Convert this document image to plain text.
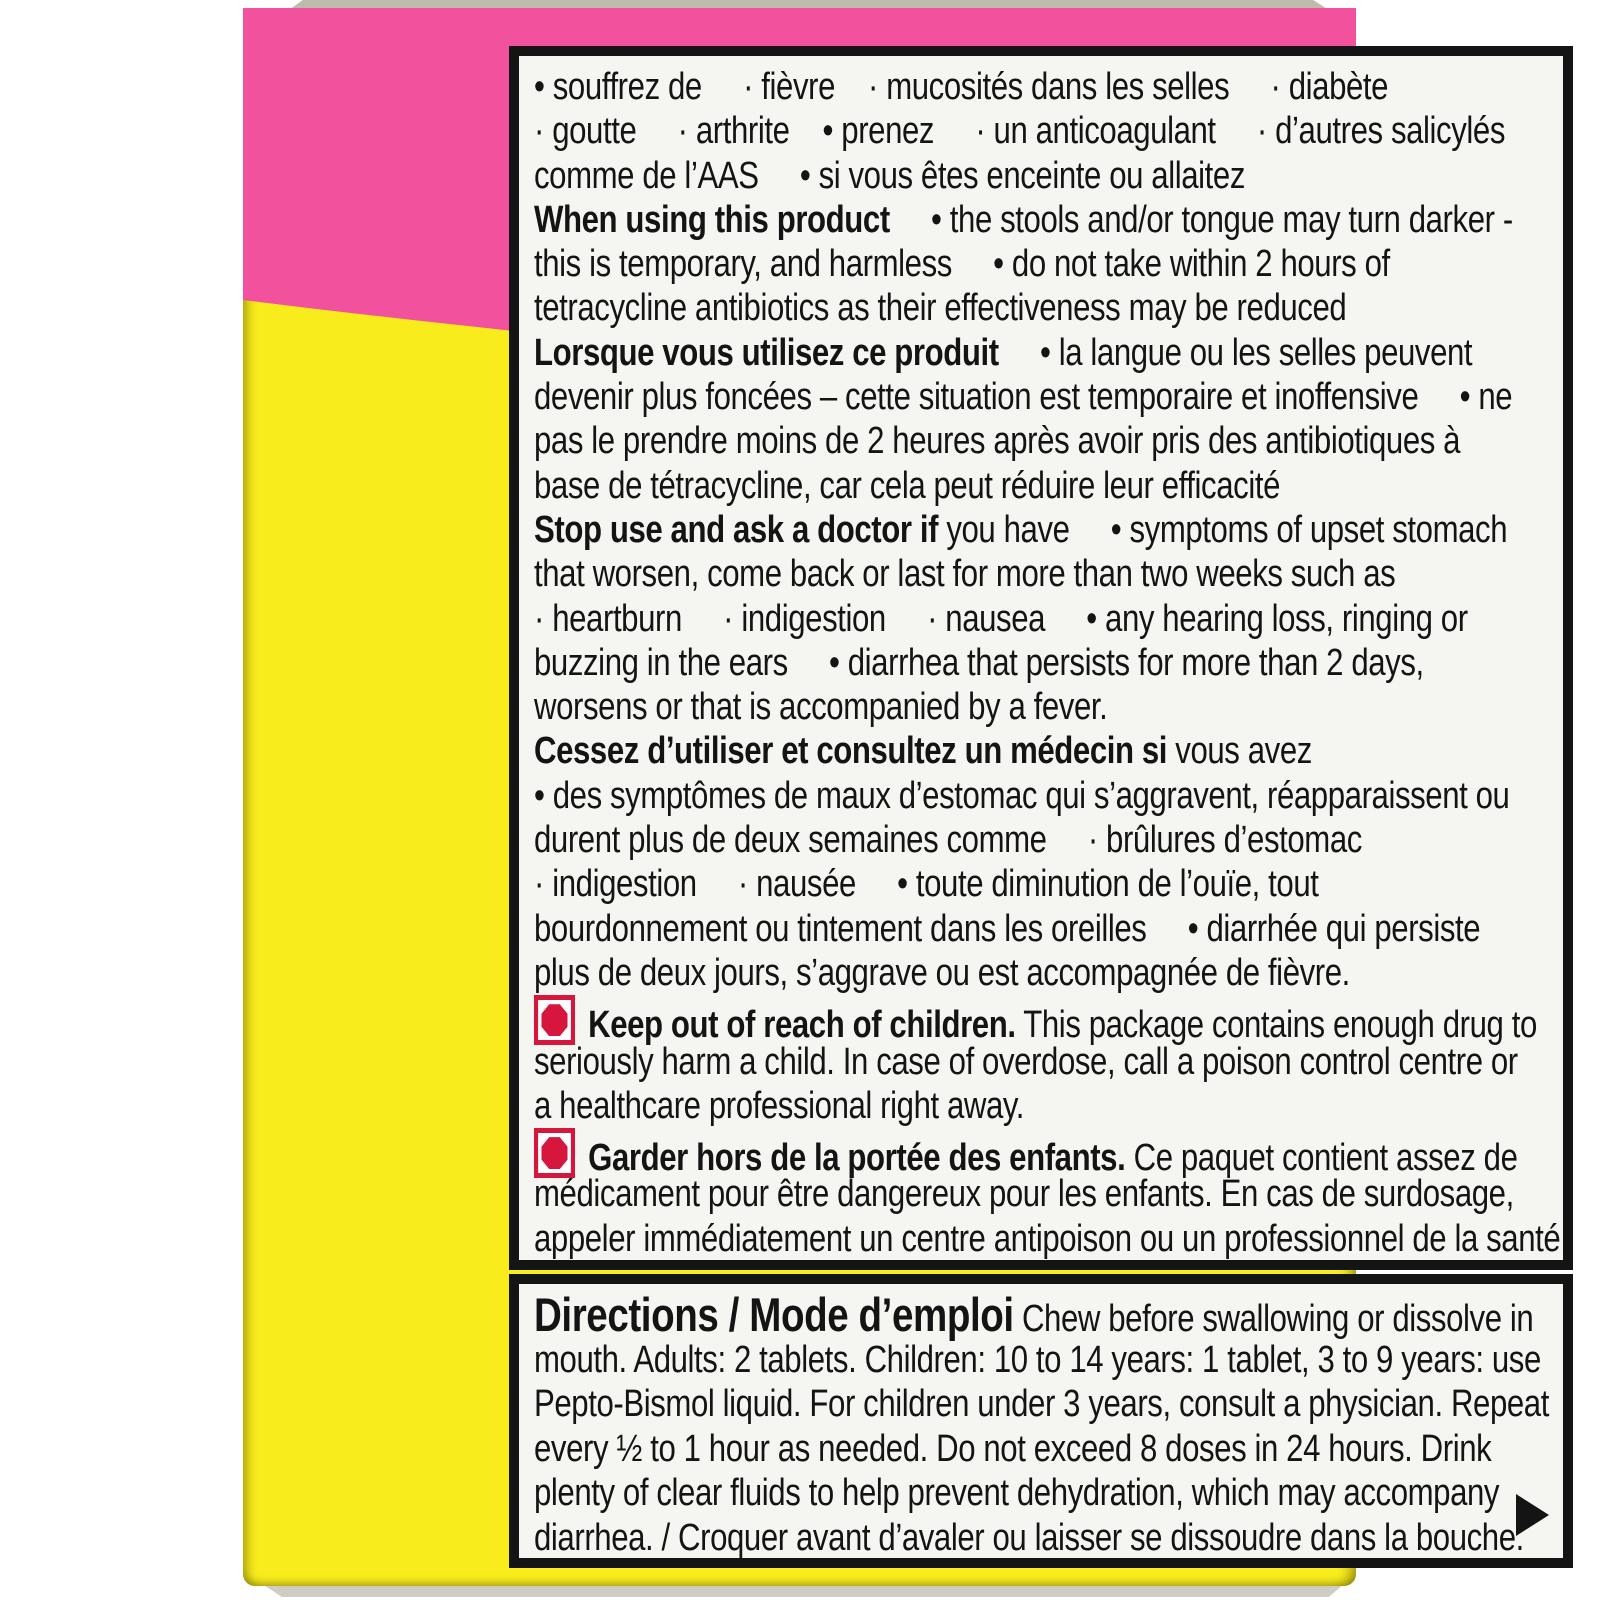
• souffrez de     · fièvre    · mucosités dans les selles     · diabète
· goutte     · arthrite    • prenez     · un anticoagulant     · d’autres salicylés
comme de l’AAS     • si vous êtes enceinte ou allaitez
When using this product     • the stools and/or tongue may turn darker -
this is temporary, and harmless     • do not take within 2 hours of
tetracycline antibiotics as their effectiveness may be reduced
Lorsque vous utilisez ce produit     • la langue ou les selles peuvent
devenir plus foncées – cette situation est temporaire et inoffensive     • ne
pas le prendre moins de 2 heures après avoir pris des antibiotiques à
base de tétracycline, car cela peut réduire leur efficacité
Stop use and ask a doctor if you have     • symptoms of upset stomach
that worsen, come back or last for more than two weeks such as
· heartburn     · indigestion     · nausea     • any hearing loss, ringing or
buzzing in the ears     • diarrhea that persists for more than 2 days,
worsens or that is accompanied by a fever.
Cessez d’utiliser et consultez un médecin si vous avez
• des symptômes de maux d’estomac qui s’aggravent, réapparaissent ou
durent plus de deux semaines comme     · brûlures d’estomac
· indigestion     · nausée     • toute diminution de l’ouïe, tout
bourdonnement ou tintement dans les oreilles     • diarrhée qui persiste
plus de deux jours, s’aggrave ou est accompagnée de fièvre.
Keep out of reach of children. This package contains enough drug to
seriously harm a child. In case of overdose, call a poison control centre or
a healthcare professional right away.
Garder hors de la portée des enfants. Ce paquet contient assez de
médicament pour être dangereux pour les enfants. En cas de surdosage,
appeler immédiatement un centre antipoison ou un professionnel de la santé.
Directions / Mode d’emploi Chew before swallowing or dissolve in
mouth. Adults: 2 tablets. Children: 10 to 14 years: 1 tablet, 3 to 9 years: use
Pepto-Bismol liquid. For children under 3 years, consult a physician. Repeat
every ½ to 1 hour as needed. Do not exceed 8 doses in 24 hours. Drink
plenty of clear fluids to help prevent dehydration, which may accompany
diarrhea. / Croquer avant d’avaler ou laisser se dissoudre dans la bouche.
